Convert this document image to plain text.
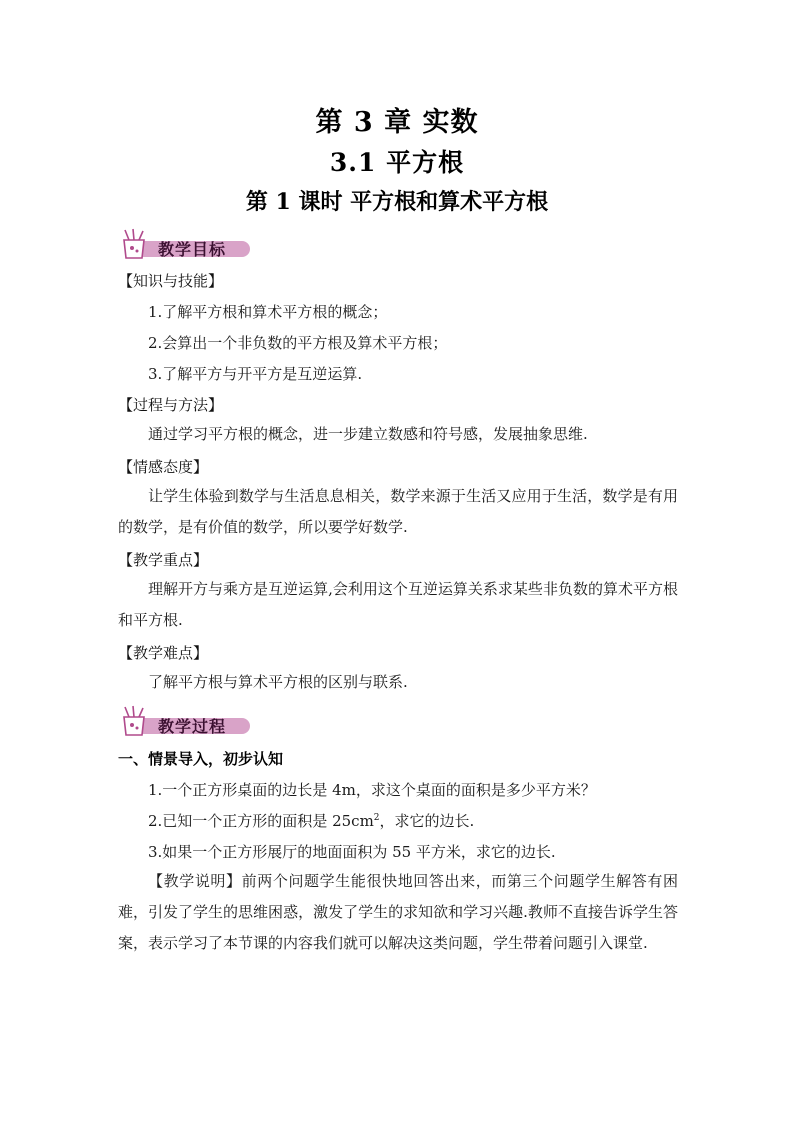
第 3 章 实数
3.1 平方根
第 1 课时 平方根和算术平方根
教学目标
【知识与技能】
1.了解平方根和算术平方根的概念；
2.会算出一个非负数的平方根及算术平方根；
3.了解平方与开平方是互逆运算.
【过程与方法】
通过学习平方根的概念，进一步建立数感和符号感，发展抽象思维.
【情感态度】
让学生体验到数学与生活息息相关，数学来源于生活又应用于生活，数学是有用的数学，是有价值的数学，所以要学好数学.
【教学重点】
理解开方与乘方是互逆运算,会利用这个互逆运算关系求某些非负数的算术平方根和平方根.
【教学难点】
了解平方根与算术平方根的区别与联系.
教学过程
一、情景导入，初步认知
1.一个正方形桌面的边长是 4m，求这个桌面的面积是多少平方米？
2.已知一个正方形的面积是 $25cm^2$，求它的边长.
3.如果一个正方形展厅的地面面积为 55 平方米，求它的边长.
【教学说明】前两个问题学生能很快地回答出来，而第三个问题学生解答有困难，引发了学生的思维困惑，激发了学生的求知欲和学习兴趣.教师不直接告诉学生答案，表示学习了本节课的内容我们就可以解决这类问题，学生带着问题引入课堂.
